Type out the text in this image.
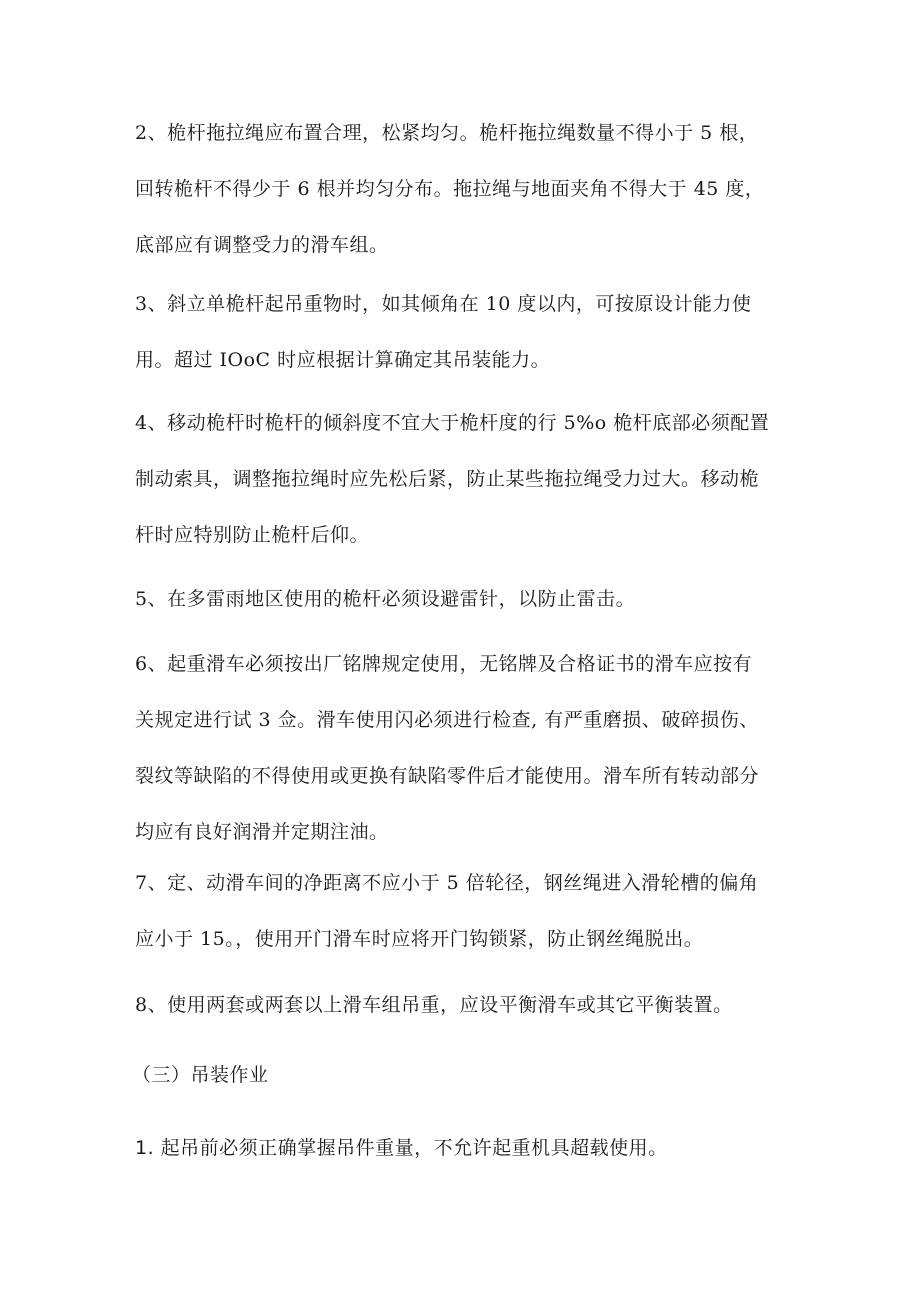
2、桅杆拖拉绳应布置合理，松紧均匀。桅杆拖拉绳数量不得小于 5 根，
回转桅杆不得少于 6 根并均匀分布。拖拉绳与地面夹角不得大于 45 度，
底部应有调整受力的滑车组。
3、斜立单桅杆起吊重物时，如其倾角在 10 度以内，可按原设计能力使
用。超过 IOoC 时应根据计算确定其吊装能力。
4、移动桅杆时桅杆的倾斜度不宜大于桅杆度的行 5%o 桅杆底部必须配置
制动索具，调整拖拉绳时应先松后紧，防止某些拖拉绳受力过大。移动桅
杆时应特别防止桅杆后仰。
5、在多雷雨地区使用的桅杆必须设避雷针，以防止雷击。
6、起重滑车必须按出厂铭牌规定使用，无铭牌及合格证书的滑车应按有
关规定进行试 3 佥。滑车使用闪必须进行检查, 有严重磨损、破碎损伤、
裂纹等缺陷的不得使用或更换有缺陷零件后才能使用。滑车所有转动部分
均应有良好润滑并定期注油。
7、定、动滑车间的净距离不应小于 5 倍轮径，钢丝绳进入滑轮槽的偏角
应小于 15。，使用开门滑车时应将开门钩锁紧，防止钢丝绳脱出。
8、使用两套或两套以上滑车组吊重，应设平衡滑车或其它平衡装置。
（三）吊装作业
1. 起吊前必须正确掌握吊件重量，不允许起重机具超载使用。
